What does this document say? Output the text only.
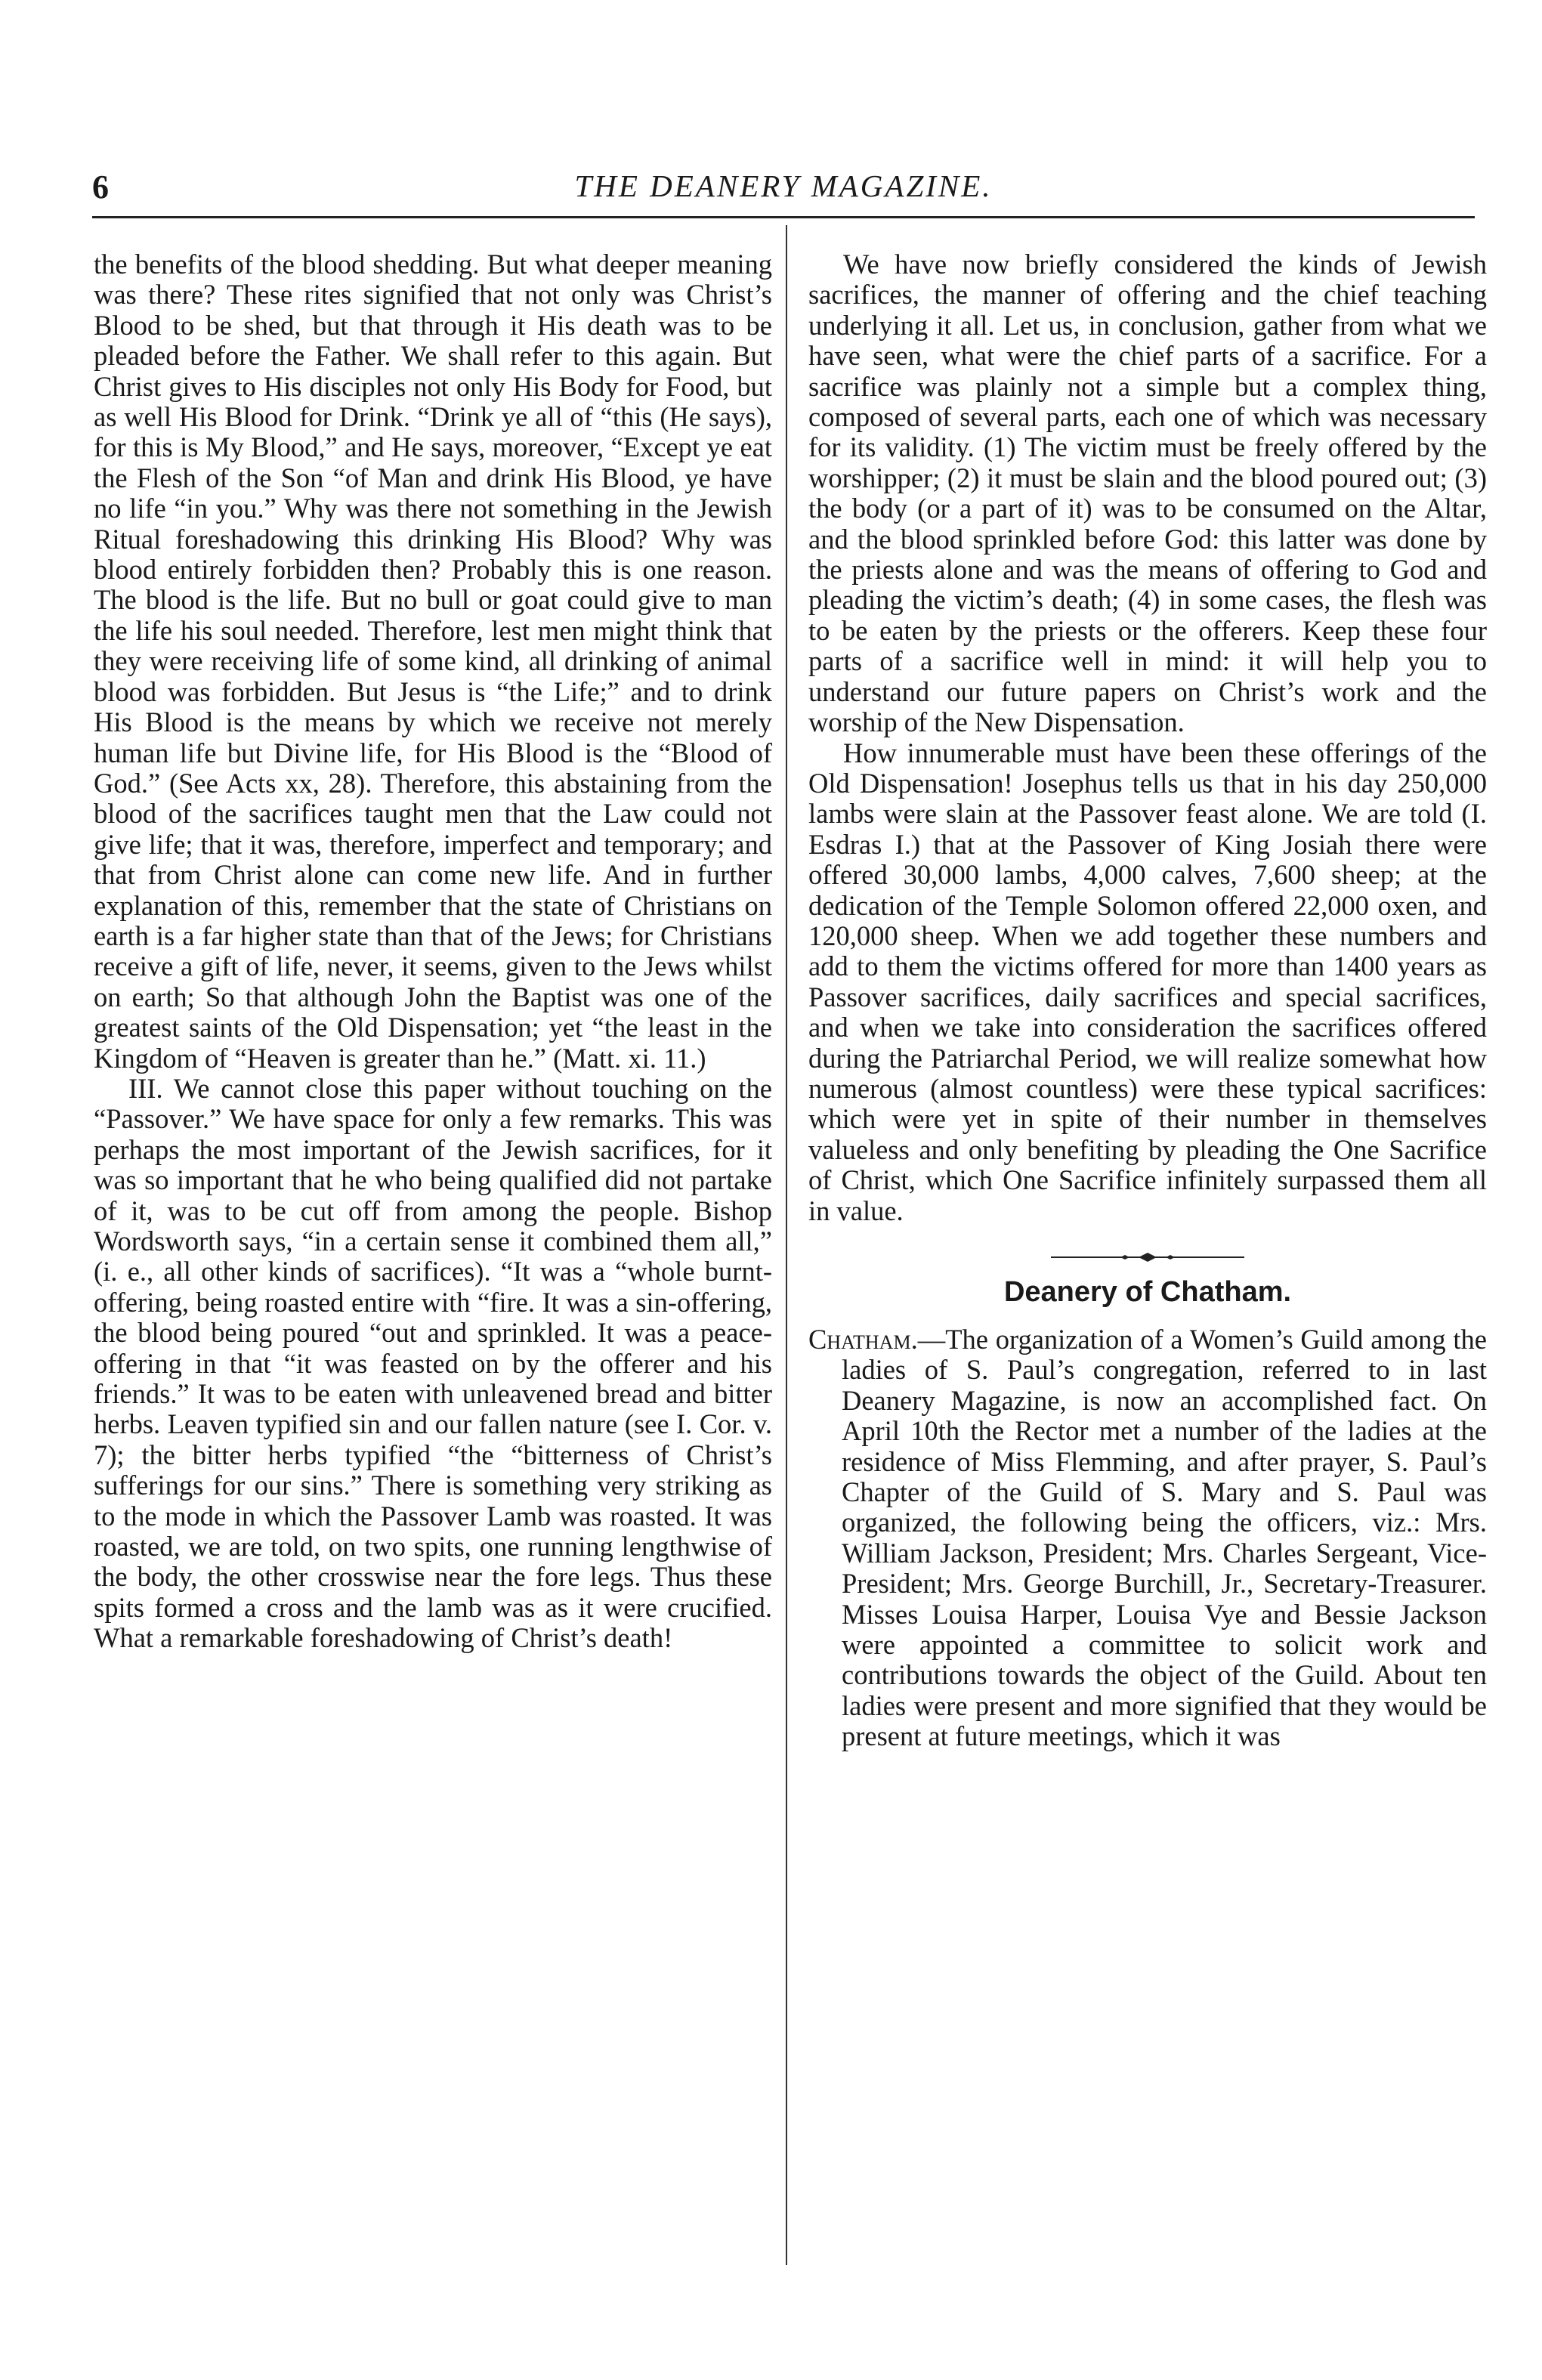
6	THE DEANERY MAGAZINE.

the benefits of the blood shedding. But what deeper meaning was there? These rites signified that not only was Christ’s Blood to be shed, but that through it His death was to be pleaded before the Father. We shall refer to this again. But Christ gives to His disciples not only His Body for Food, but as well His Blood for Drink. “Drink ye all of “this (He says), for this is My Blood,” and He says, moreover, “Except ye eat the Flesh of the Son “of Man and drink His Blood, ye have no life “in you.” Why was there not something in the Jewish Ritual foreshadowing this drinking His Blood? Why was blood entirely forbidden then? Probably this is one reason. The blood is the life. But no bull or goat could give to man the life his soul needed. Therefore, lest men might think that they were receiving life of some kind, all drinking of animal blood was forbidden. But Jesus is “the Life;” and to drink His Blood is the means by which we receive not merely human life but Divine life, for His Blood is the “Blood of God.” (See Acts xx, 28). Therefore, this abstaining from the blood of the sacrifices taught men that the Law could not give life; that it was, therefore, imperfect and temporary; and that from Christ alone can come new life. And in further explanation of this, remember that the state of Christians on earth is a far higher state than that of the Jews; for Christians receive a gift of life, never, it seems, given to the Jews whilst on earth; So that although John the Baptist was one of the greatest saints of the Old Dispensation; yet “the least in the Kingdom of “Heaven is greater than he.” (Matt. xi. 11.)

III. We cannot close this paper without touching on the “Passover.” We have space for only a few remarks. This was perhaps the most important of the Jewish sacrifices, for it was so important that he who being qualified did not partake of it, was to be cut off from among the people. Bishop Wordsworth says, “in a certain sense it combined them all,” (i. e., all other kinds of sacrifices). “It was a “whole burnt-offering, being roasted entire with “fire. It was a sin-offering, the blood being poured “out and sprinkled. It was a peace-offering in that “it was feasted on by the offerer and his friends.” It was to be eaten with unleavened bread and bitter herbs. Leaven typified sin and our fallen nature (see I. Cor. v. 7); the bitter herbs typified “the “bitterness of Christ’s sufferings for our sins.” There is something very striking as to the mode in which the Passover Lamb was roasted. It was roasted, we are told, on two spits, one running lengthwise of the body, the other crosswise near the fore legs. Thus these spits formed a cross and the lamb was as it were crucified. What a remarkable foreshadowing of Christ’s death!

We have now briefly considered the kinds of Jewish sacrifices, the manner of offering and the chief teaching underlying it all. Let us, in conclusion, gather from what we have seen, what were the chief parts of a sacrifice. For a sacrifice was plainly not a simple but a complex thing, composed of several parts, each one of which was necessary for its validity. (1) The victim must be freely offered by the worshipper; (2) it must be slain and the blood poured out; (3) the body (or a part of it) was to be consumed on the Altar, and the blood sprinkled before God: this latter was done by the priests alone and was the means of offering to God and pleading the victim’s death; (4) in some cases, the flesh was to be eaten by the priests or the offerers. Keep these four parts of a sacrifice well in mind: it will help you to understand our future papers on Christ’s work and the worship of the New Dispensation.

How innumerable must have been these offerings of the Old Dispensation! Josephus tells us that in his day 250,000 lambs were slain at the Passover feast alone. We are told (I. Esdras I.) that at the Passover of King Josiah there were offered 30,000 lambs, 4,000 calves, 7,600 sheep; at the dedication of the Temple Solomon offered 22,000 oxen, and 120,000 sheep. When we add together these numbers and add to them the victims offered for more than 1400 years as Passover sacrifices, daily sacrifices and special sacrifices, and when we take into consideration the sacrifices offered during the Patriarchal Period, we will realize somewhat how numerous (almost countless) were these typical sacrifices: which were yet in spite of their number in themselves valueless and only benefiting by pleading the One Sacrifice of Christ, which One Sacrifice infinitely surpassed them all in value.

Deanery of Chatham.

Chatham.—The organization of a Women’s Guild among the ladies of S. Paul’s congregation, referred to in last Deanery Magazine, is now an accomplished fact. On April 10th the Rector met a number of the ladies at the residence of Miss Flemming, and after prayer, S. Paul’s Chapter of the Guild of S. Mary and S. Paul was organized, the following being the officers, viz.: Mrs. William Jackson, President; Mrs. Charles Sergeant, Vice-President; Mrs. George Burchill, Jr., Secretary-Treasurer. Misses Louisa Harper, Louisa Vye and Bessie Jackson were appointed a committee to solicit work and contributions towards the object of the Guild. About ten ladies were present and more signified that they would be present at future meetings, which it was
